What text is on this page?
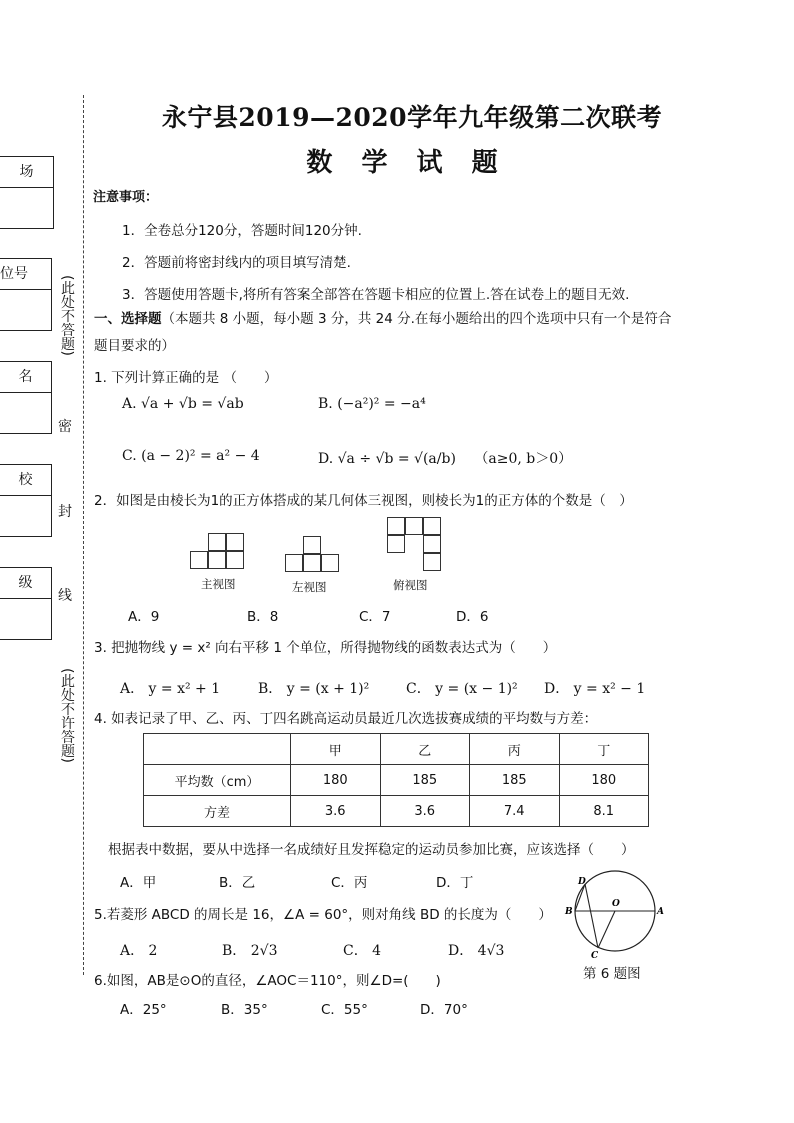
场
位号
名
校
级
(此处不答题)
密
封
线
(此处不许答题)
永宁县2019—2020学年九年级第二次联考
数 学 试 题
注意事项：
1．全卷总分120分，答题时间120分钟.
2．答题前将密封线内的项目填写清楚.
3．答题使用答题卡,将所有答案全部答在答题卡相应的位置上.答在试卷上的题目无效.
一、选择题（本题共 8 小题，每小题 3 分，共 24 分.在每小题给出的四个选项中只有一个是符合
题目要求的）
1. 下列计算正确的是 （　　）
A. √a + √b = √ab	B. (−a²)² = −a⁴
C. (a − 2)² = a² − 4	D. √a ÷ √b = √(a/b) （a≥0, b＞0）
2．如图是由棱长为1的正方体搭成的某几何体三视图，则棱长为1的正方体的个数是（　）
主视图	左视图	俯视图
A．9	B．8	C．7	D．6
3. 把抛物线 y = x² 向右平移 1 个单位，所得抛物线的函数表达式为（　　）
A． y = x² + 1	B． y = (x + 1)²	C． y = (x − 1)² D． y = x² − 1
4. 如表记录了甲、乙、丙、丁四名跳高运动员最近几次选拔赛成绩的平均数与方差：
	甲	乙	丙	丁
平均数（cm）	180	185	185	180
方差	3.6	3.6	7.4	8.1
根据表中数据，要从中选择一名成绩好且发挥稳定的运动员参加比赛，应该选择（　　）
A．甲	B．乙	C．丙	D．丁	D
B
O
A
C
第 6 题图
5.若菱形 ABCD 的周长是 16，∠A = 60°，则对角线 BD 的长度为（　　）
A． 2	B． 2√3	C． 4	D． 4√3
6.如图，AB是⊙O的直径，∠AOC＝110°，则∠D=(　　)
A．25°	B．35°	C．55°	D．70°
